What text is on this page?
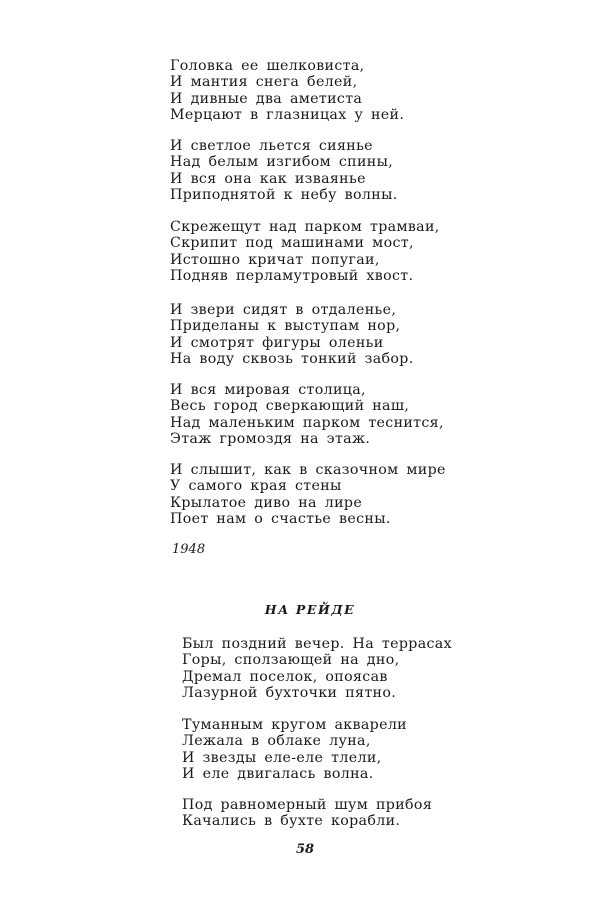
Головка ее шелковиста,
И мантия снега белей,
И дивные два аметиста
Мерцают в глазницах у ней.
И светлое льется сиянье
Над белым изгибом спины,
И вся она как изваянье
Приподнятой к небу волны.
Скрежещут над парком трамваи,
Скрипит под машинами мост,
Истошно кричат попугаи,
Подняв перламутровый хвост.
И звери сидят в отдаленье,
Приделаны к выступам нор,
И смотрят фигуры оленьи
На воду сквозь тонкий забор.
И вся мировая столица,
Весь город сверкающий наш,
Над маленьким парком теснится,
Этаж громоздя на этаж.
И слышит, как в сказочном мире
У самого края стены
Крылатое диво на лире
Поет нам о счастье весны.
1948
НА РЕЙДЕ
Был поздний вечер. На террасах
Горы, сползающей на дно,
Дремал поселок, опоясав
Лазурной бухточки пятно.
Туманным кругом акварели
Лежала в облаке луна,
И звезды еле-еле тлели,
И еле двигалась волна.
Под равномерный шум прибоя
Качались в бухте корабли.
58
